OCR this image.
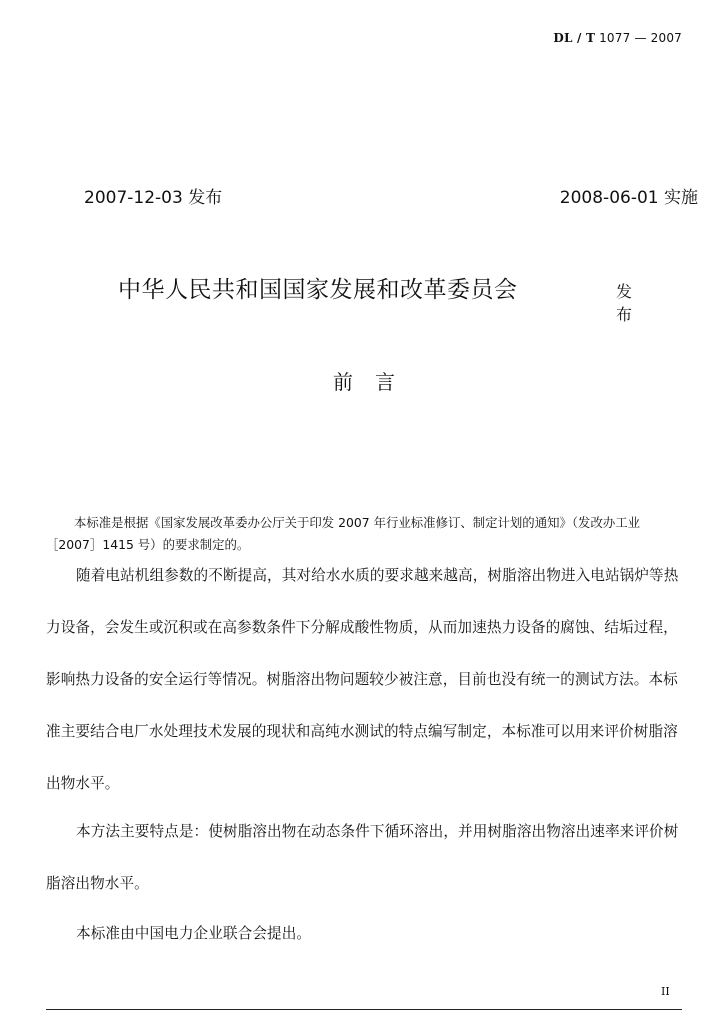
DL / T 1077 — 2007
2007-12-03 发布	2008-06-01 实施
中华人民共和国国家发展和改革委员会	发布
前言

本标准是根据《国家发展改革委办公厅关于印发 2007 年行业标准修订、制定计划的通知》（发改办工业［2007］1415 号）的要求制定的。

随着电站机组参数的不断提高，其对给水水质的要求越来越高，树脂溶出物进入电站锅炉等热力设备，会发生或沉积或在高参数条件下分解成酸性物质，从而加速热力设备的腐蚀、结垢过程，影响热力设备的安全运行等情况。树脂溶出物问题较少被注意，目前也没有统一的测试方法。本标准主要结合电厂水处理技术发展的现状和高纯水测试的特点编写制定，本标准可以用来评价树脂溶出物水平。

本方法主要特点是：使树脂溶出物在动态条件下循环溶出，并用树脂溶出物溶出速率来评价树脂溶出物水平。

本标准由中国电力企业联合会提出。

II
